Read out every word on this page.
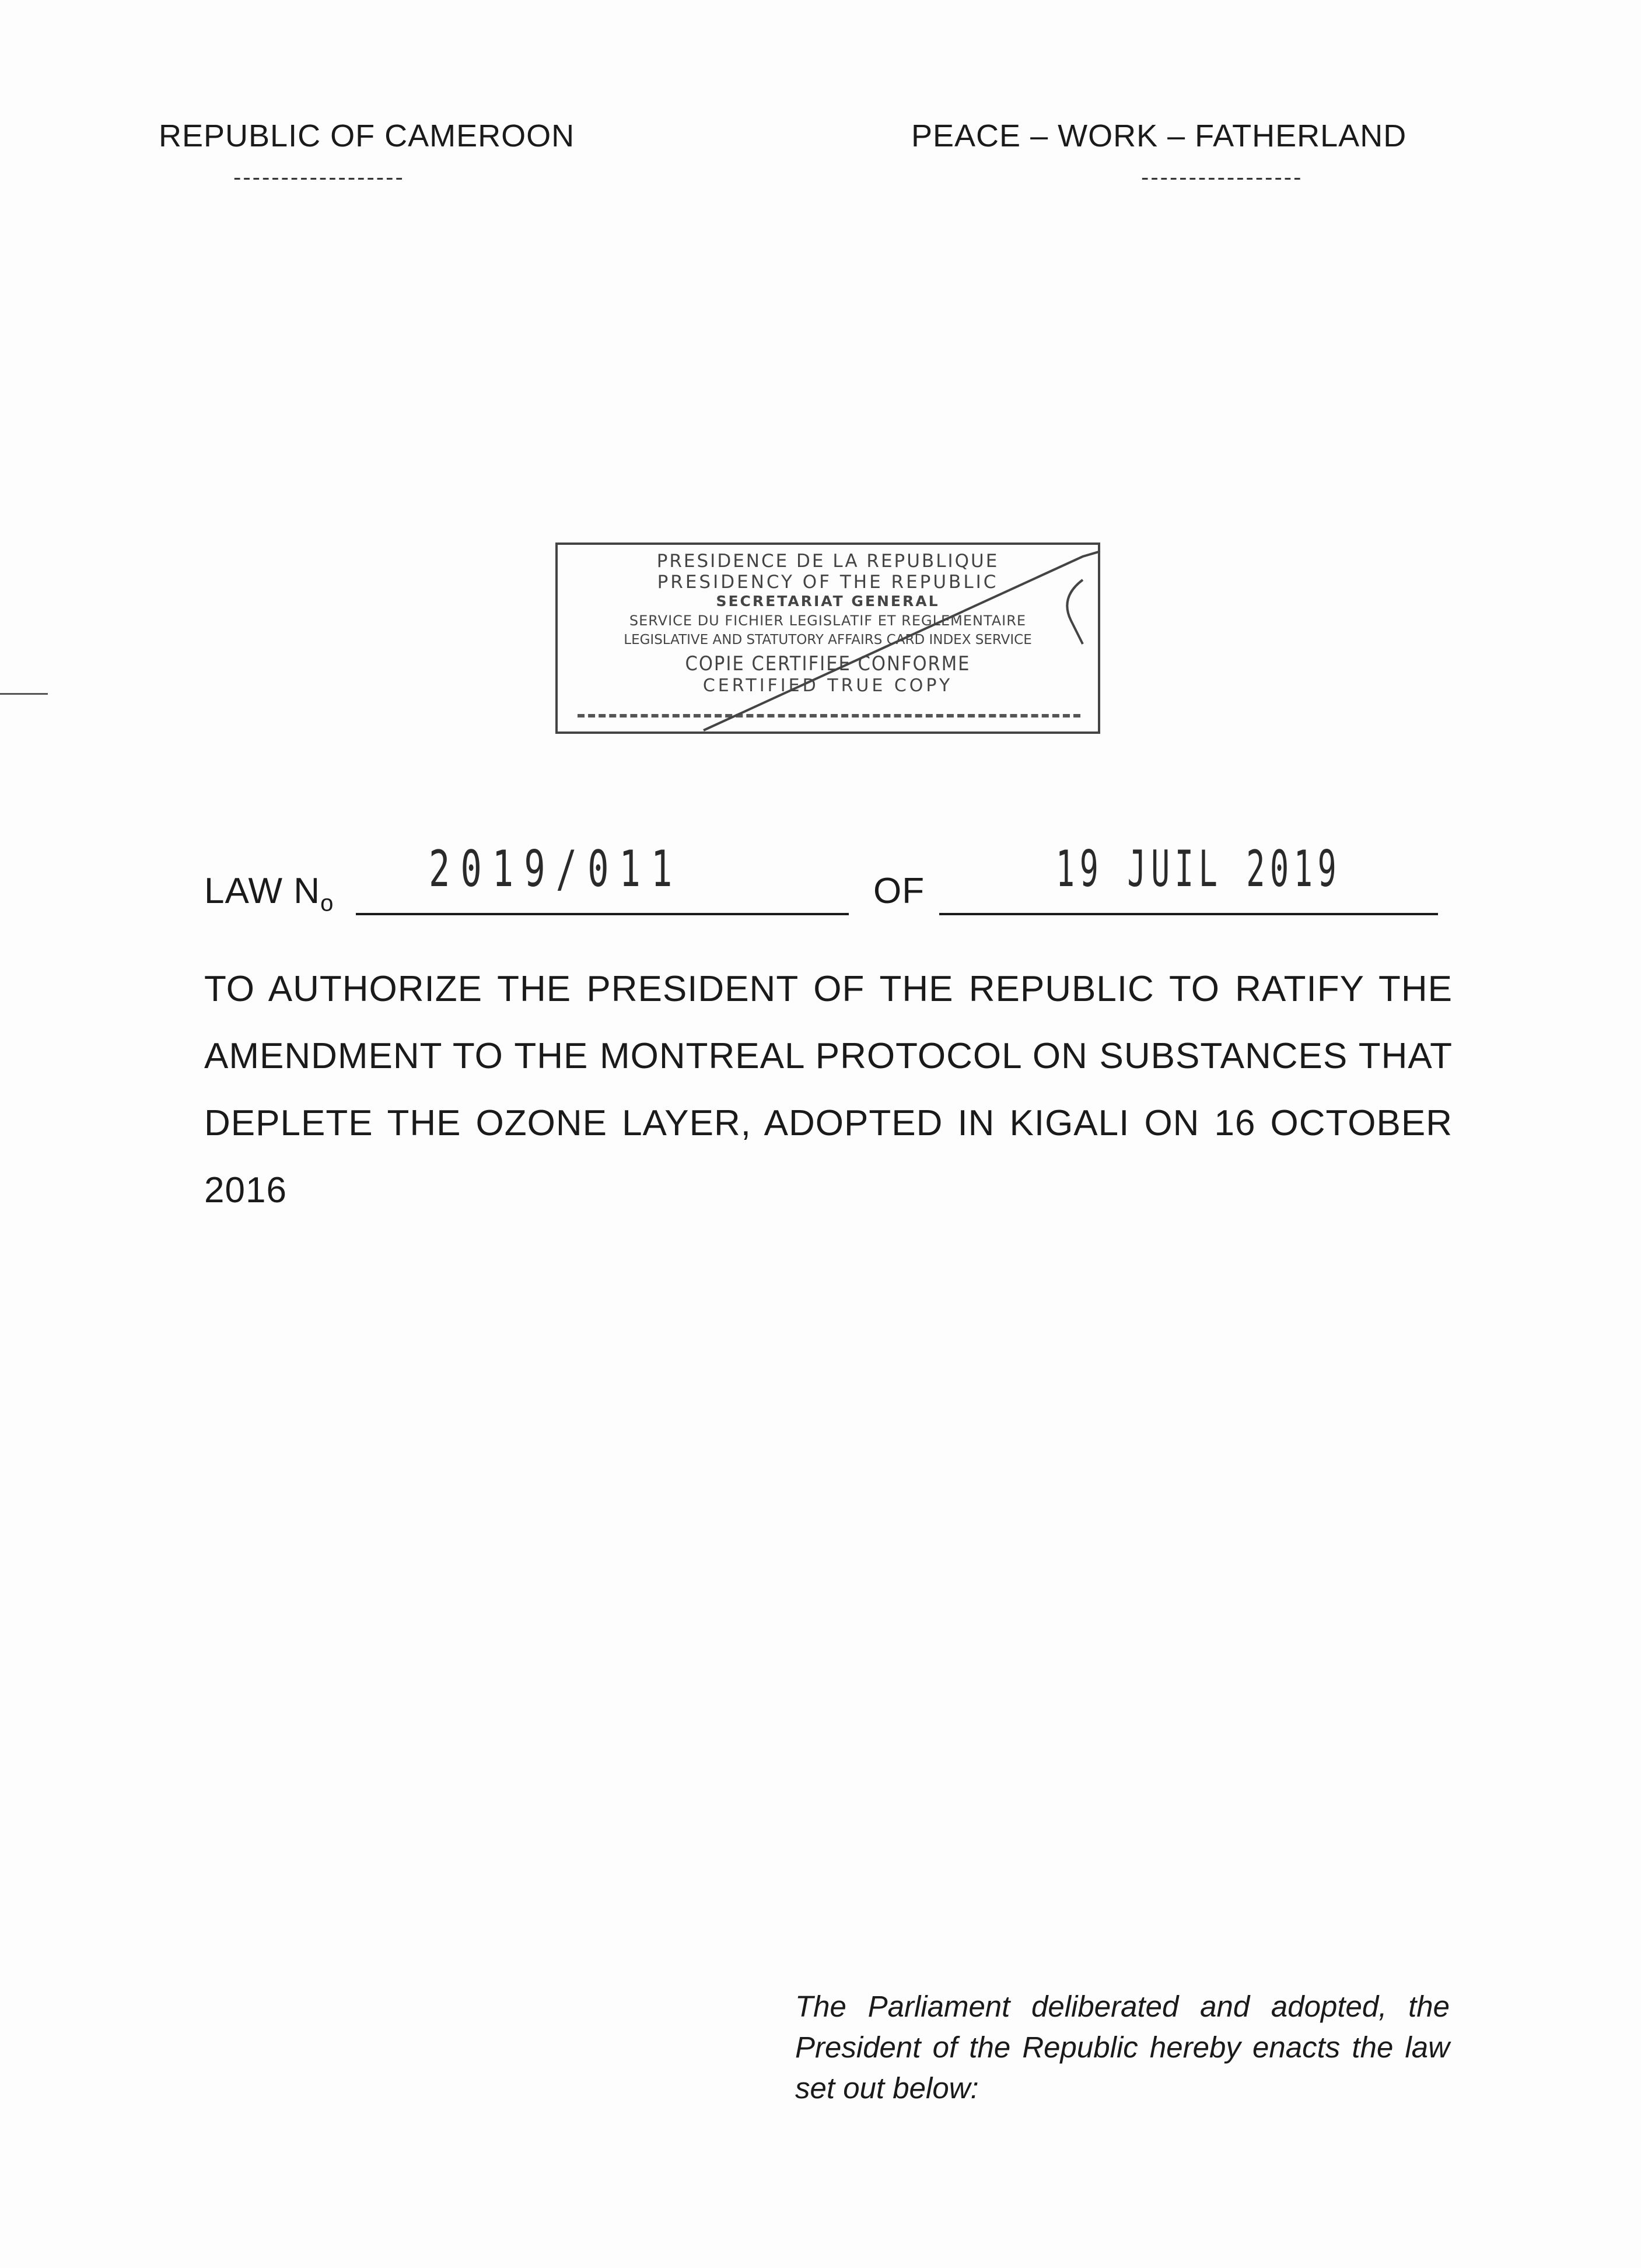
REPUBLIC OF CAMEROON
------------------
PEACE – WORK – FATHERLAND
-----------------
PRESIDENCE DE LA REPUBLIQUE
PRESIDENCY OF THE REPUBLIC
SECRETARIAT GENERAL
SERVICE DU FICHIER LEGISLATIF ET REGLEMENTAIRE
LEGISLATIVE AND STATUTORY AFFAIRS CARD INDEX SERVICE
COPIE CERTIFIEE CONFORME
CERTIFIED TRUE COPY
LAW $N_o$
2019/011	OF	19 JUIL 2019
TO AUTHORIZE THE PRESIDENT OF THE REPUBLIC TO RATIFY THE AMENDMENT TO THE MONTREAL PROTOCOL ON SUBSTANCES THAT DEPLETE THE OZONE LAYER, ADOPTED IN KIGALI ON 16 OCTOBER 2016
The Parliament deliberated and adopted, the President of the Republic hereby enacts the law set out below:
